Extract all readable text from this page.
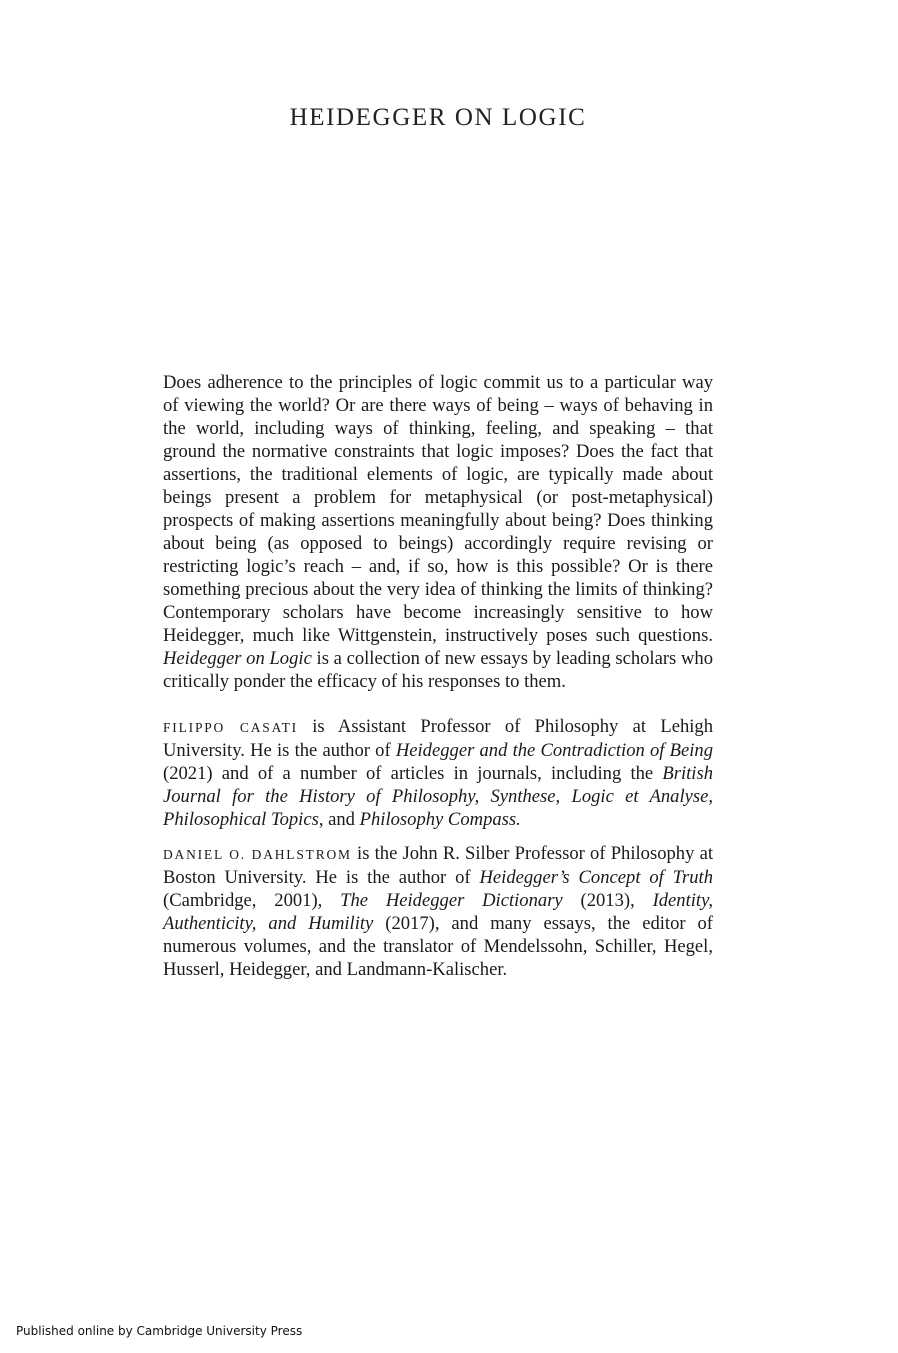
HEIDEGGER ON LOGIC

Does adherence to the principles of logic commit us to a particular way of viewing the world? Or are there ways of being – ways of behaving in the world, including ways of thinking, feeling, and speaking – that ground the normative constraints that logic imposes? Does the fact that assertions, the traditional elements of logic, are typically made about beings present a problem for metaphysical (or post-metaphysical) prospects of making assertions meaningfully about being? Does thinking about being (as opposed to beings) accordingly require revising or restricting logic’s reach – and, if so, how is this possible? Or is there something precious about the very idea of thinking the limits of thinking? Contemporary scholars have become increasingly sensitive to how Heidegger, much like Wittgenstein, instructively poses such questions. Heidegger on Logic is a collection of new essays by leading scholars who critically ponder the efficacy of his responses to them.

FILIPPO CASATI is Assistant Professor of Philosophy at Lehigh University. He is the author of Heidegger and the Contradiction of Being (2021) and of a number of articles in journals, including the British Journal for the History of Philosophy, Synthese, Logic et Analyse, Philosophical Topics, and Philosophy Compass.

DANIEL O. DAHLSTROM is the John R. Silber Professor of Philosophy at Boston University. He is the author of Heidegger’s Concept of Truth (Cambridge, 2001), The Heidegger Dictionary (2013), Identity, Authenticity, and Humility (2017), and many essays, the editor of numerous volumes, and the translator of Mendelssohn, Schiller, Hegel, Husserl, Heidegger, and Landmann-Kalischer.

Published online by Cambridge University Press
